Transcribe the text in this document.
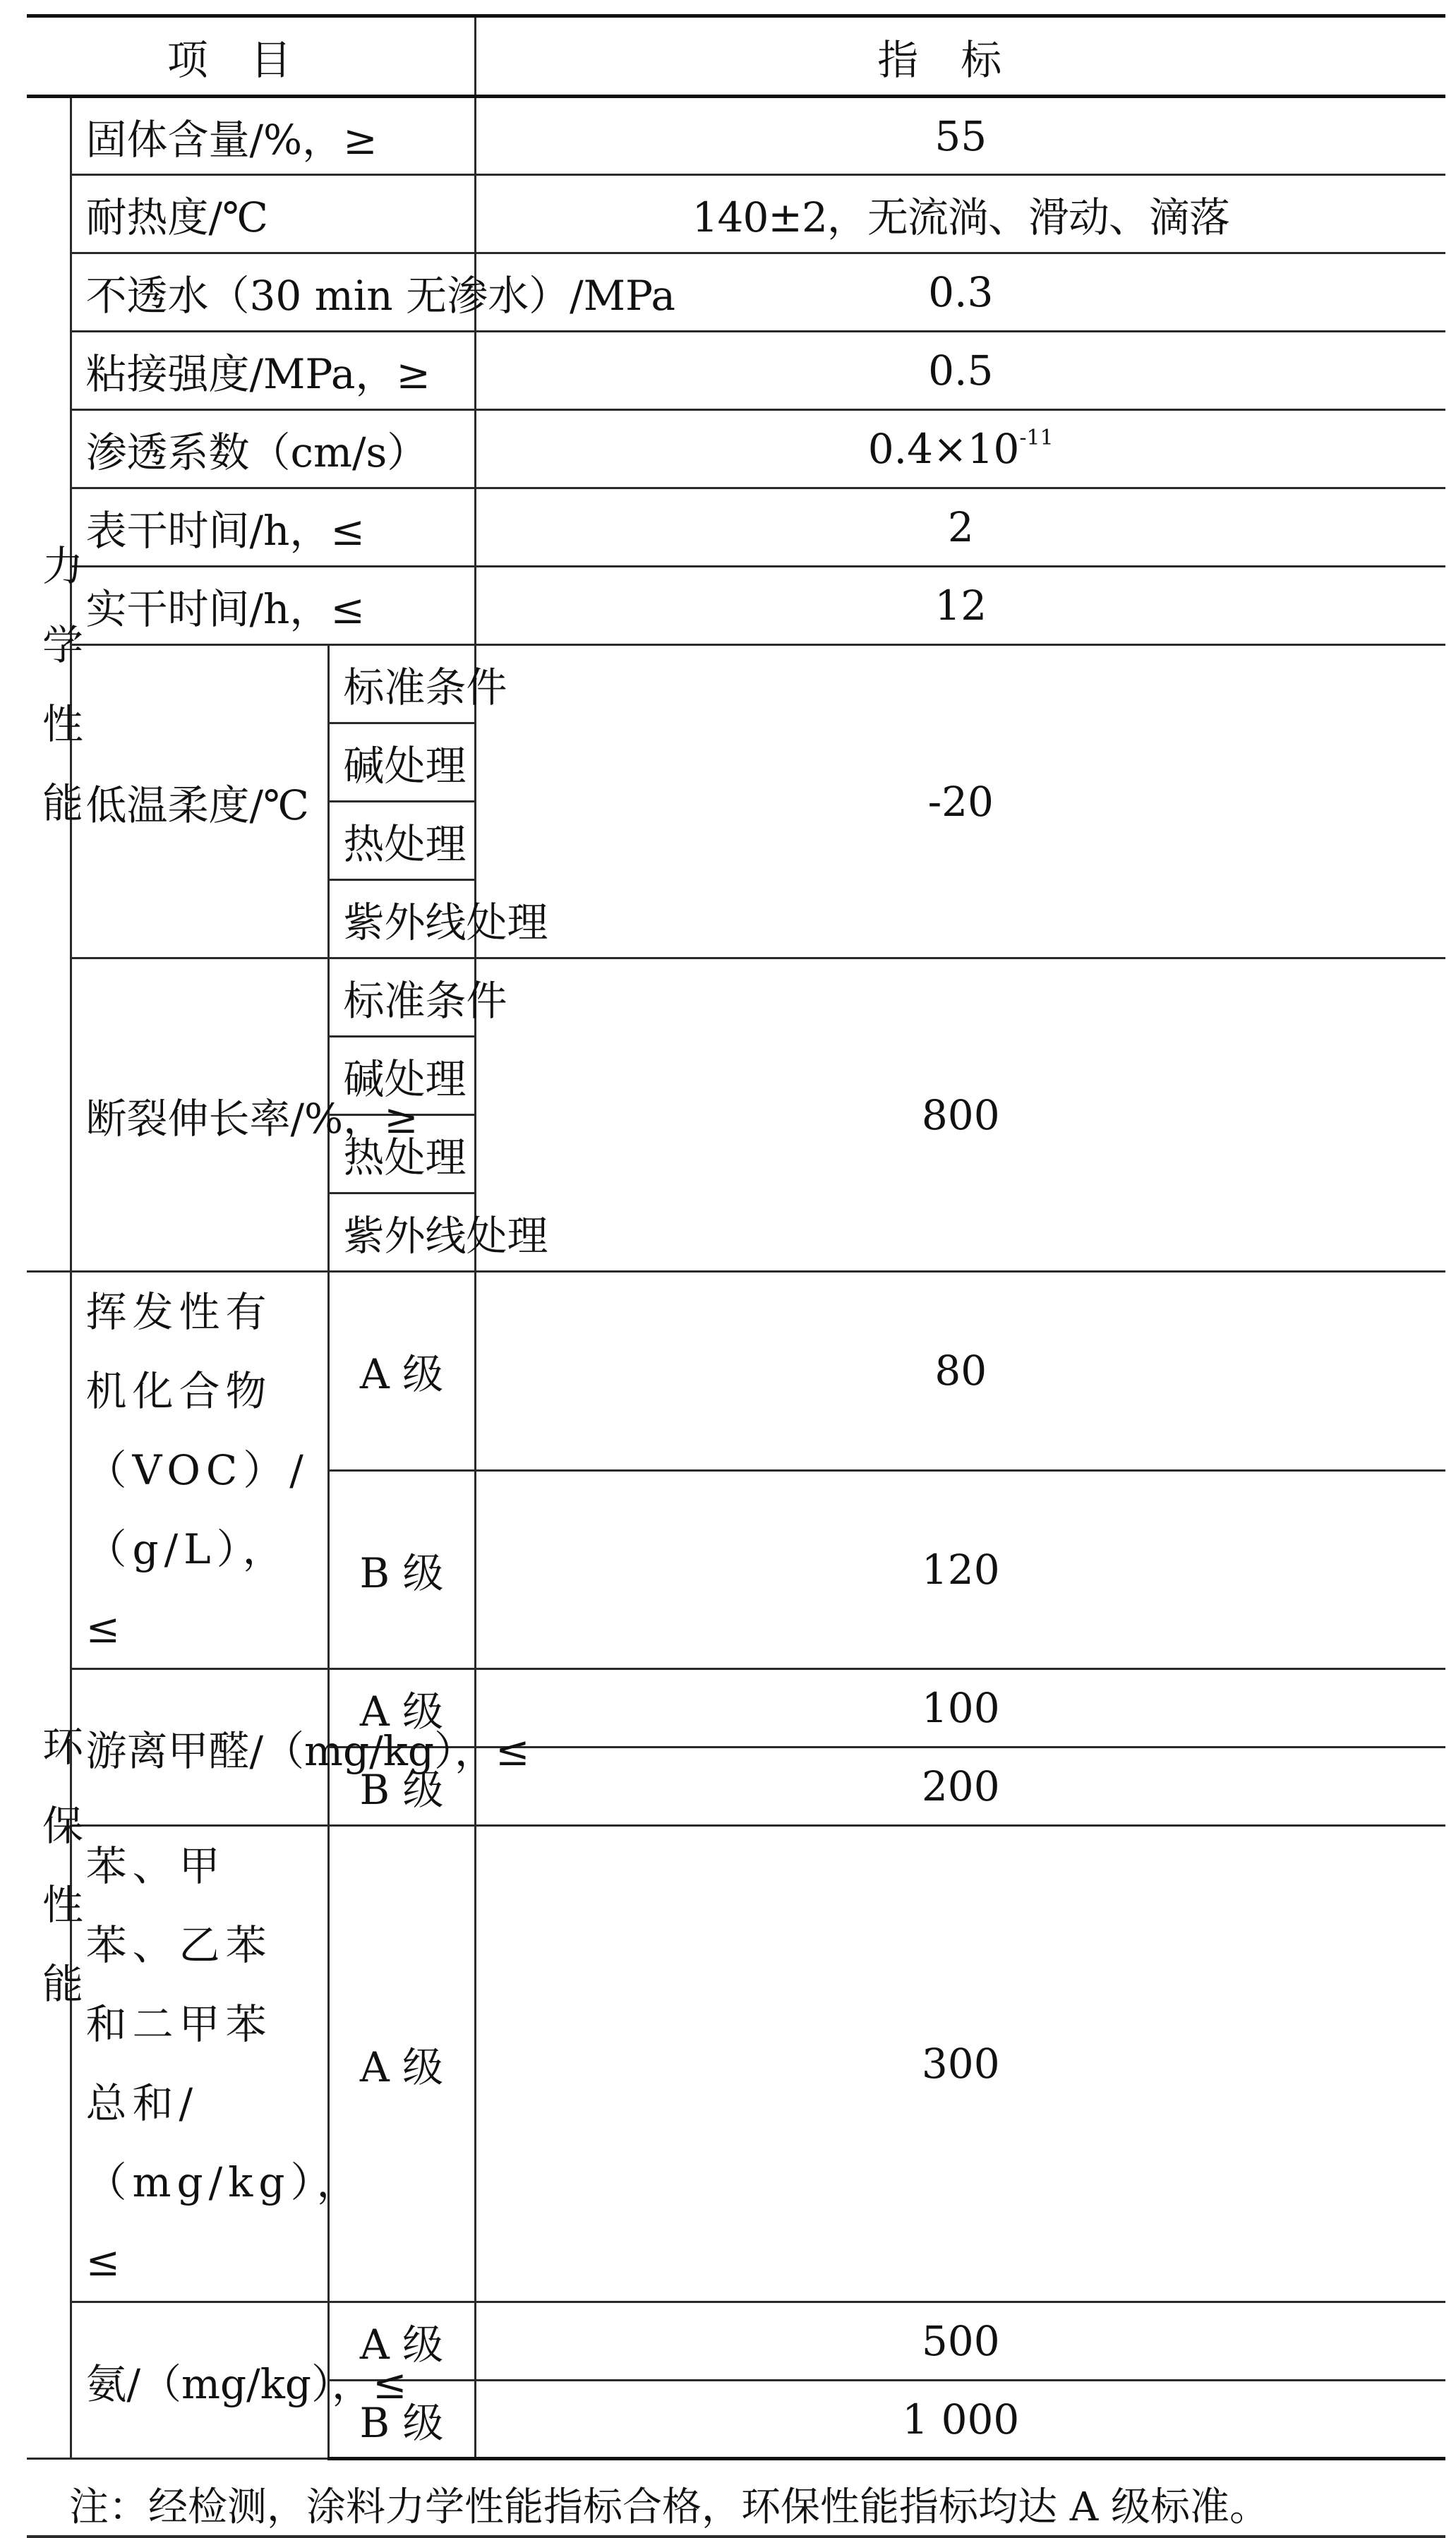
项目			指标
力学性能	固体含量/%，≥		55
	耐热度/℃		140±2，无流淌、滑动、滴落
	不透水（30 min 无渗水）/MPa		0.3
	粘接强度/MPa，≥		0.5
	渗透系数（cm/s）		$0.4\times 10^{-11}$
	表干时间/h，≤		2
	实干时间/h，≤		12
	低温柔度/℃	标准条件	-20
		碱处理	
		热处理	
		紫外线处理	
	断裂伸长率/%，≥	标准条件	800
		碱处理	
		热处理	
		紫外线处理	
环保性能	挥发性有机化合物（VOC）/（g/L），≤	A 级	80
		B 级	120
	游离甲醛/（mg/kg），≤	A 级	100
		B 级	200
	苯、甲苯、乙苯和二甲苯总和/（mg/kg），≤	A 级	300

	氨/（mg/kg），≤	A 级	500
		B 级	1 000
注：经检测，涂料力学性能指标合格，环保性能指标均达 A 级标准。
